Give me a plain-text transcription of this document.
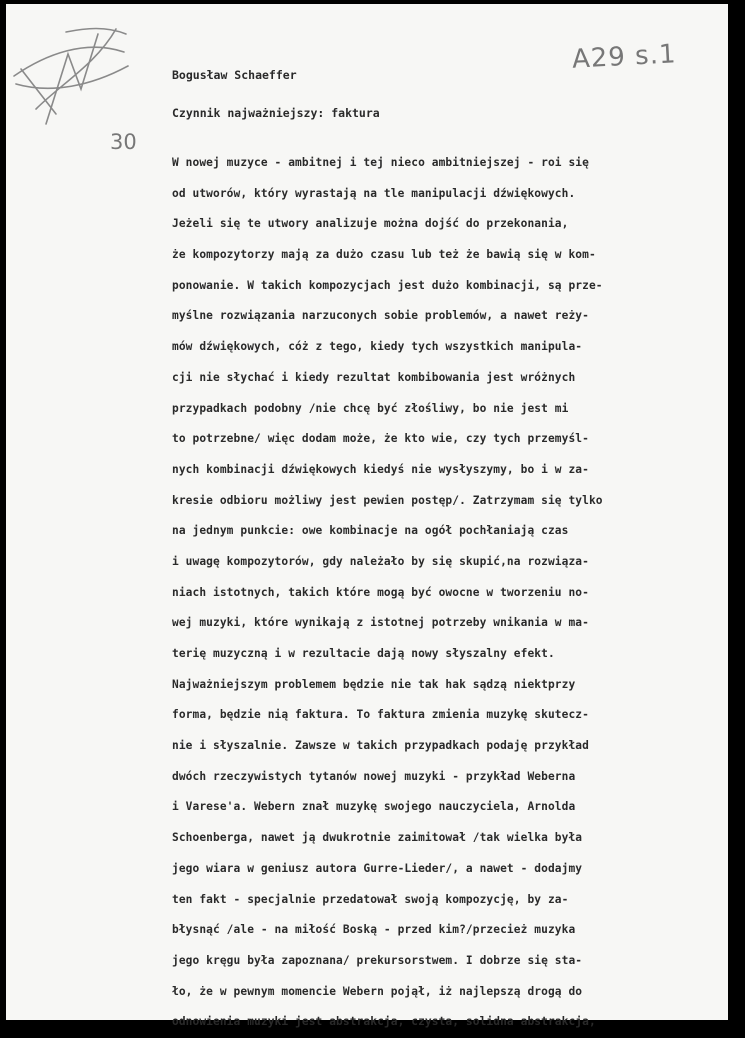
A29 s.1
30
Bogusław Schaeffer
Czynnik najważniejszy: faktura
W nowej muzyce - ambitnej i tej nieco ambitniejszej - roi się
od utworów, który wyrastają na tle manipulacji dźwiękowych.
Jeżeli się te utwory analizuje można dojść do przekonania,
że kompozytorzy mają za dużo czasu lub też że bawią się w kom-
ponowanie. W takich kompozycjach jest dużo kombinacji, są prze-
myślne rozwiązania narzuconych sobie problemów, a nawet reży-
mów dźwiękowych, cóż z tego, kiedy tych wszystkich manipula-
cji nie słychać i kiedy rezultat kombibowania jest wróżnych
przypadkach podobny /nie chcę być złośliwy, bo nie jest mi
to potrzebne/ więc dodam może, że kto wie, czy tych przemyśl-
nych kombinacji dźwiękowych kiedyś nie wysłyszymy, bo i w za-
kresie odbioru możliwy jest pewien postęp/. Zatrzymam się tylko
na jednym punkcie: owe kombinacje na ogół pochłaniają czas
i uwagę kompozytorów, gdy należało by się skupić,na rozwiąza-
niach istotnych, takich które mogą być owocne w tworzeniu no-
wej muzyki, które wynikają z istotnej potrzeby wnikania w ma-
terię muzyczną i w rezultacie dają nowy słyszalny efekt.
Najważniejszym problemem będzie nie tak hak sądzą niektprzy
forma, będzie nią faktura. To faktura zmienia muzykę skutecz-
nie i słyszalnie. Zawsze w takich przypadkach podaję przykład
dwóch rzeczywistych tytanów nowej muzyki - przykład Weberna
i Varese'a. Webern znał muzykę swojego nauczyciela, Arnolda
Schoenberga, nawet ją dwukrotnie zaimitował /tak wielka była
jego wiara w geniusz autora Gurre-Lieder/, a nawet - dodajmy
ten fakt - specjalnie przedatował swoją kompozycję, by za-
błysnąć /ale - na miłość Boską - przed kim?/przecież muzyka
jego kręgu była zapoznana/ prekursorstwem. I dobrze się sta-
ło, że w pewnym momencie Webern pojął, iż najlepszą drogą do
odnowienia muzyki jest abstrakcja, czysta, solidna abstrakcja,
